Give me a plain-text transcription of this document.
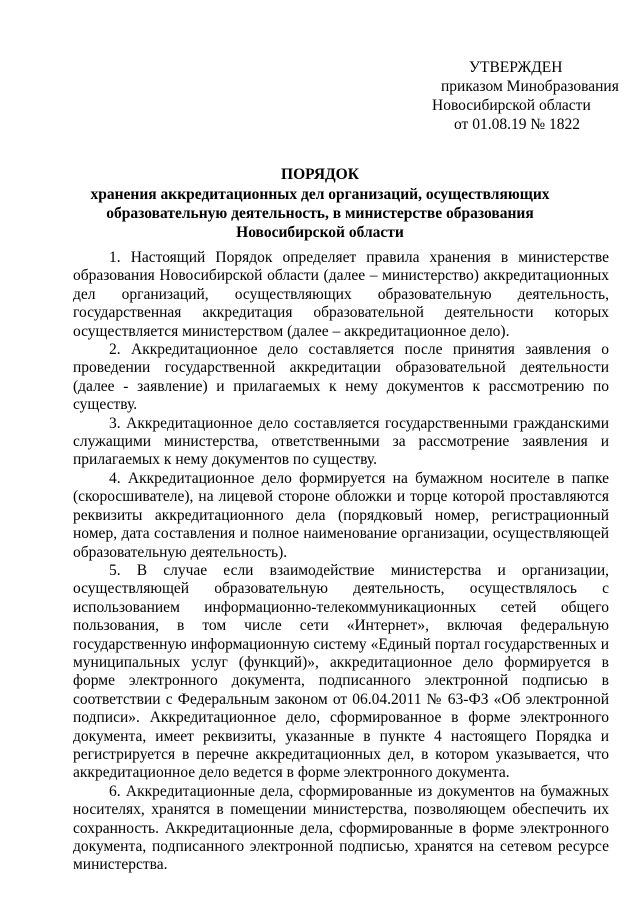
УТВЕРЖДЕН
приказом Минобразования
Новосибирской области
от 01.08.19 № 1822
ПОРЯДОК
хранения аккредитационных дел организаций, осуществляющих образовательную деятельность, в министерстве образования Новосибирской области

1. Настоящий Порядок определяет правила хранения в министерстве образования Новосибирской области (далее – министерство) аккредитационных дел организаций, осуществляющих образовательную деятельность, государственная аккредитация образовательной деятельности которых осуществляется министерством (далее – аккредитационное дело).

2. Аккредитационное дело составляется после принятия заявления о проведении государственной аккредитации образовательной деятельности (далее - заявление) и прилагаемых к нему документов к рассмотрению по существу.

3. Аккредитационное дело составляется государственными гражданскими служащими министерства, ответственными за рассмотрение заявления и прилагаемых к нему документов по существу.

4. Аккредитационное дело формируется на бумажном носителе в папке (скоросшивателе), на лицевой стороне обложки и торце которой проставляются реквизиты аккредитационного дела (порядковый номер, регистрационный номер, дата составления и полное наименование организации, осуществляющей образовательную деятельность).

5. В случае если взаимодействие министерства и организации, осуществляющей образовательную деятельность, осуществлялось с использованием информационно-телекоммуникационных сетей общего пользования, в том числе сети «Интернет», включая федеральную государственную информационную систему «Единый портал государственных и муниципальных услуг (функций)», аккредитационное дело формируется в форме электронного документа, подписанного электронной подписью в соответствии с Федеральным законом от 06.04.2011 № 63-ФЗ «Об электронной подписи». Аккредитационное дело, сформированное в форме электронного документа, имеет реквизиты, указанные в пункте 4 настоящего Порядка и регистрируется в перечне аккредитационных дел, в котором указывается, что аккредитационное дело ведется в форме электронного документа.

6. Аккредитационные дела, сформированные из документов на бумажных носителях, хранятся в помещении министерства, позволяющем обеспечить их сохранность. Аккредитационные дела, сформированные в форме электронного документа, подписанного электронной подписью, хранятся на сетевом ресурсе министерства.
